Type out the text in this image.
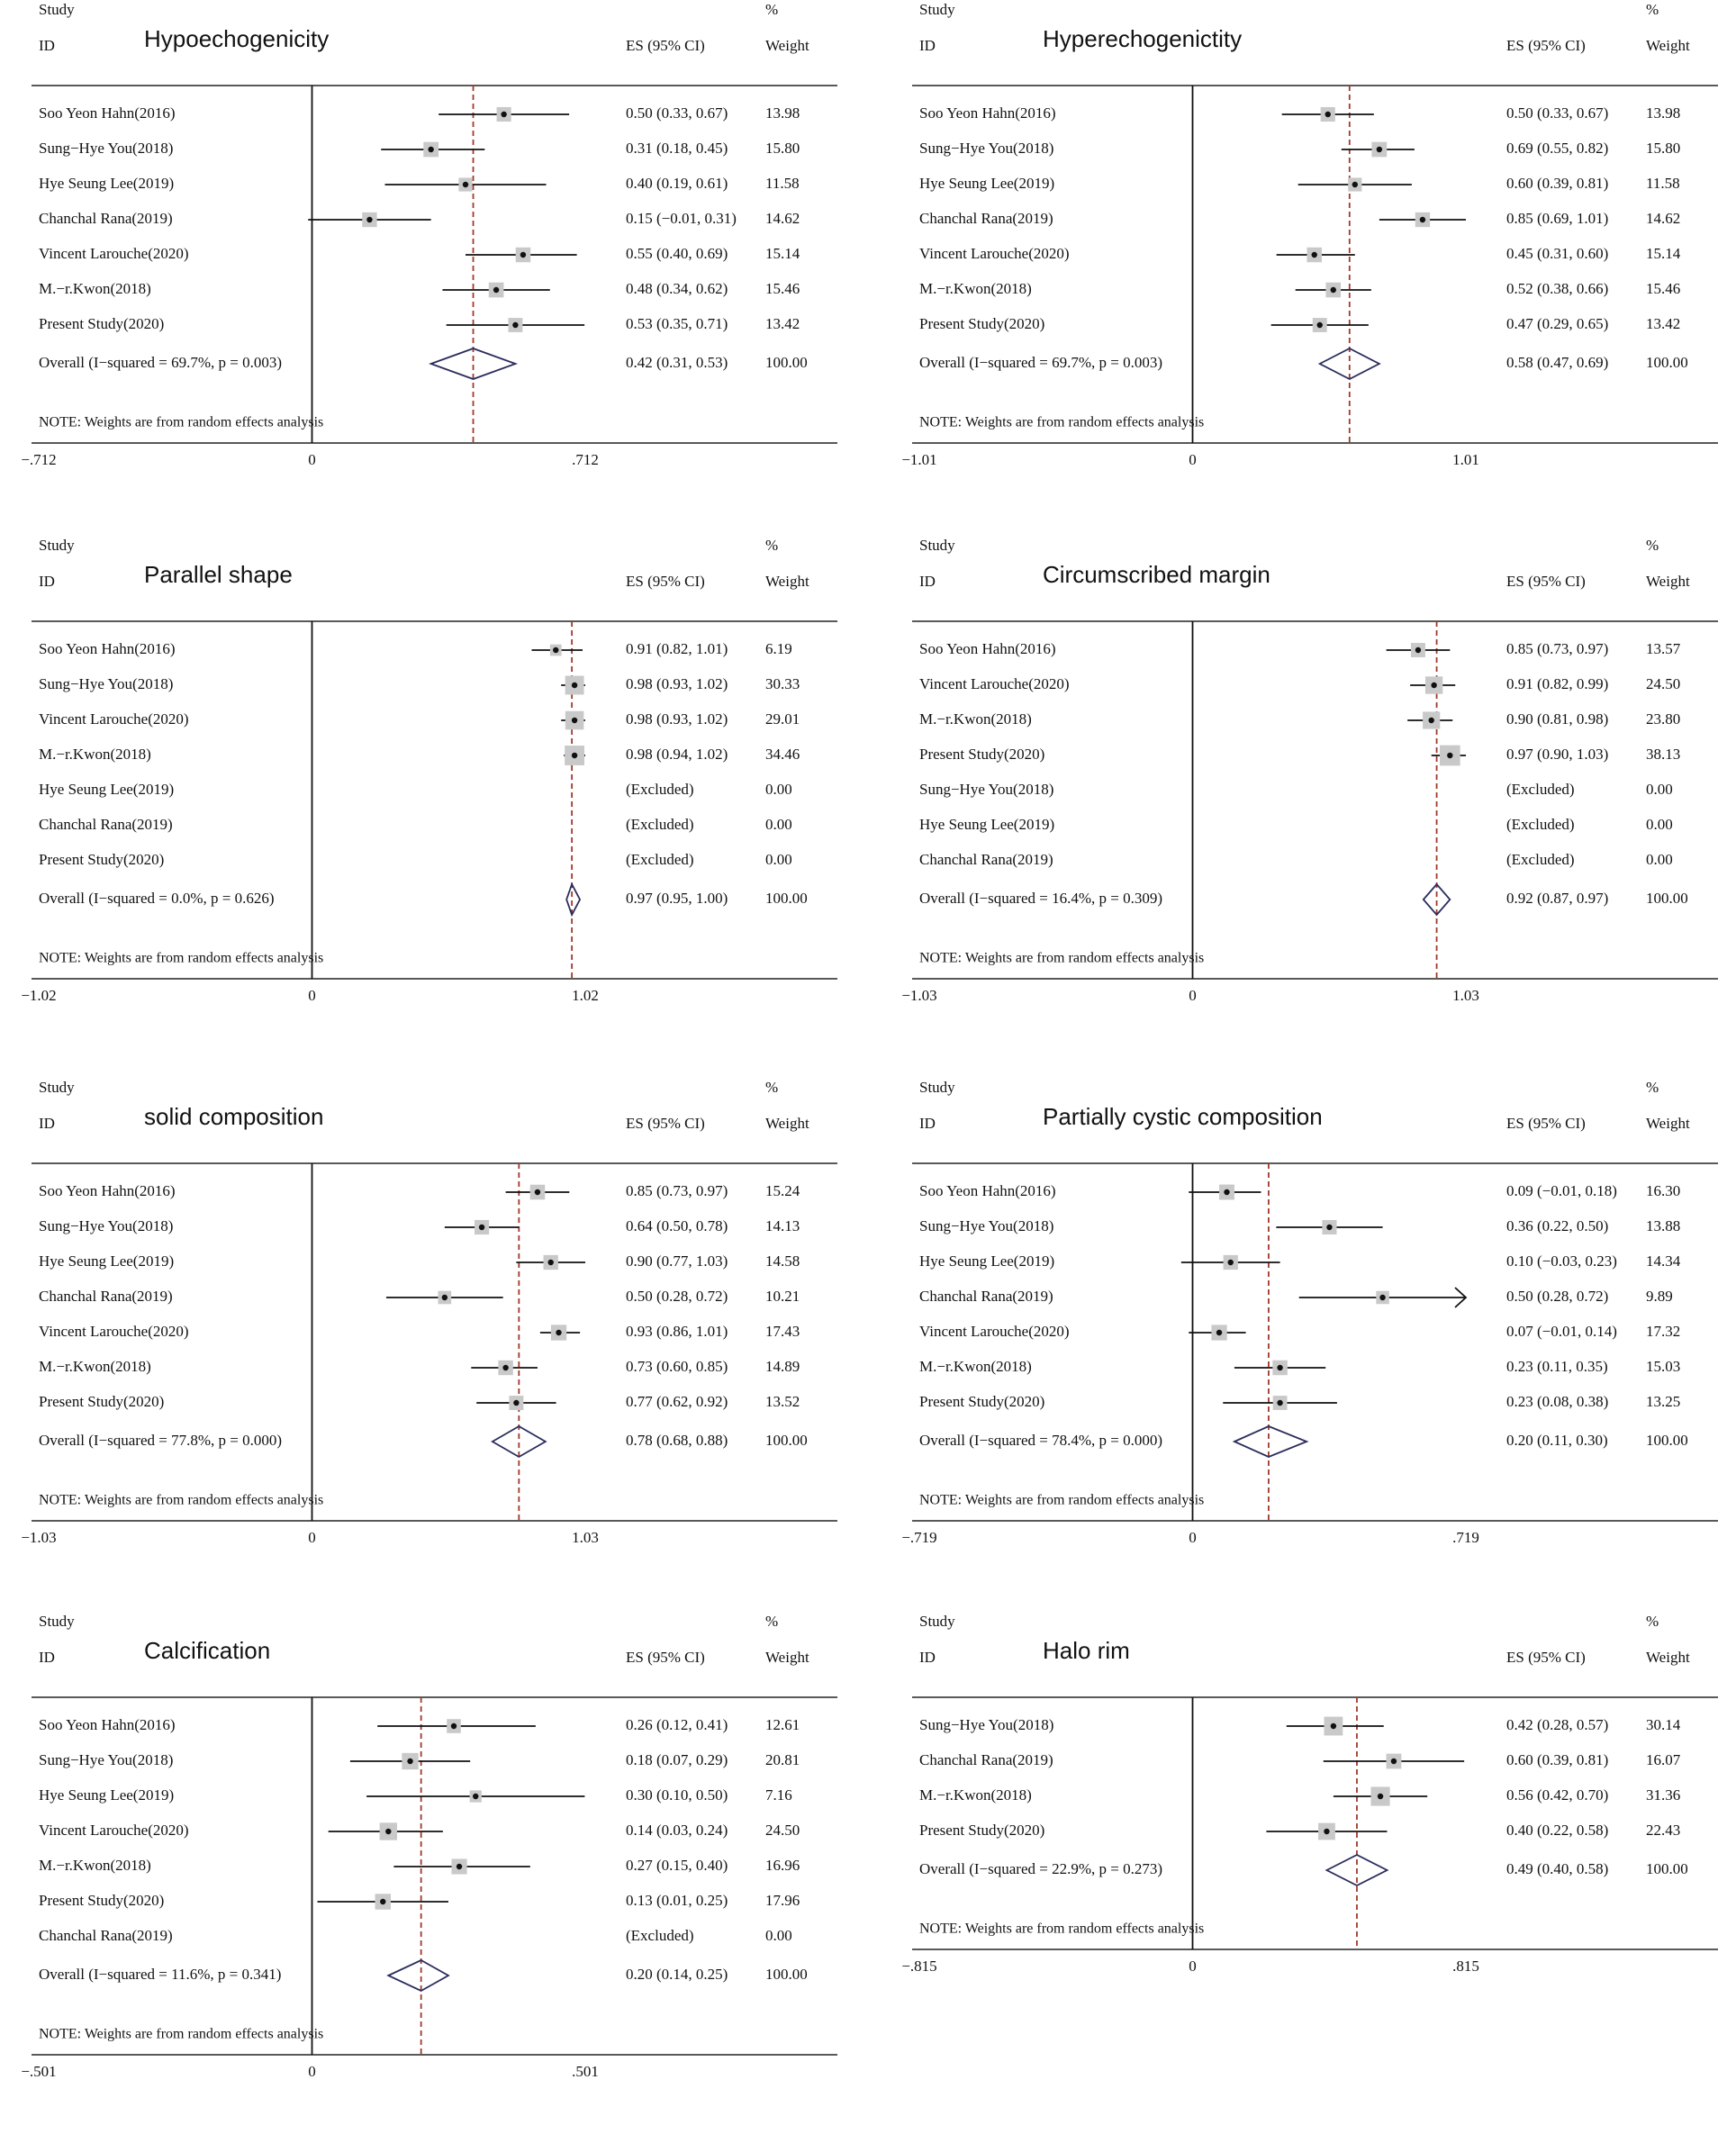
Study
ID	ES (95% CI)
%
Weight
Hypoechogenicity
−.712	0	.712
Soo Yeon Hahn(2016)	0.50 (0.33, 0.67) 13.98
Sung−Hye You(2018)	0.31 (0.18, 0.45) 15.80
Hye Seung Lee(2019)	0.40 (0.19, 0.61) 11.58
Chanchal Rana(2019)	0.15 (−0.01, 0.31) 14.62
Vincent Larouche(2020)	0.55 (0.40, 0.69) 15.14
M.−r.Kwon(2018)	0.48 (0.34, 0.62) 15.46
Present Study(2020)	0.53 (0.35, 0.71) 13.42
Overall (I−squared = 69.7%, p = 0.003)	0.42 (0.31, 0.53) 100.00
NOTE: Weights are from random effects analysis
Study
ID	ES (95% CI)
%
Weight
Hyperechogenictity
−1.01	0	1.01
Soo Yeon Hahn(2016)	0.50 (0.33, 0.67) 13.98
Sung−Hye You(2018)	0.69 (0.55, 0.82) 15.80
Hye Seung Lee(2019)	0.60 (0.39, 0.81) 11.58
Chanchal Rana(2019)	0.85 (0.69, 1.01) 14.62
Vincent Larouche(2020)	0.45 (0.31, 0.60) 15.14
M.−r.Kwon(2018)	0.52 (0.38, 0.66) 15.46
Present Study(2020)	0.47 (0.29, 0.65) 13.42
Overall (I−squared = 69.7%, p = 0.003)	0.58 (0.47, 0.69) 100.00
NOTE: Weights are from random effects analysis
Study
ID	ES (95% CI)
%
Weight
Parallel shape
−1.02	0	1.02
Soo Yeon Hahn(2016)	0.91 (0.82, 1.01) 6.19
Sung−Hye You(2018)	0.98 (0.93, 1.02) 30.33
Vincent Larouche(2020)	0.98 (0.93, 1.02) 29.01
M.−r.Kwon(2018)	0.98 (0.94, 1.02) 34.46
Hye Seung Lee(2019)	(Excluded)	0.00
Chanchal Rana(2019)	(Excluded)	0.00
Present Study(2020)	(Excluded)	0.00
Overall (I−squared = 0.0%, p = 0.626)	0.97 (0.95, 1.00) 100.00
NOTE: Weights are from random effects analysis
Study
ID	ES (95% CI)
%
Weight
Circumscribed margin
−1.03	0	1.03
Soo Yeon Hahn(2016)	0.85 (0.73, 0.97) 13.57
Vincent Larouche(2020)	0.91 (0.82, 0.99) 24.50
M.−r.Kwon(2018)	0.90 (0.81, 0.98) 23.80
Present Study(2020)	0.97 (0.90, 1.03) 38.13
Sung−Hye You(2018)	(Excluded)	0.00
Hye Seung Lee(2019)	(Excluded)	0.00
Chanchal Rana(2019)	(Excluded)	0.00
Overall (I−squared = 16.4%, p = 0.309)	0.92 (0.87, 0.97) 100.00
NOTE: Weights are from random effects analysis
Study
ID	ES (95% CI)
%
Weight
solid composition
−1.03	0	1.03
Soo Yeon Hahn(2016)	0.85 (0.73, 0.97) 15.24
Sung−Hye You(2018)	0.64 (0.50, 0.78) 14.13
Hye Seung Lee(2019)	0.90 (0.77, 1.03) 14.58
Chanchal Rana(2019)	0.50 (0.28, 0.72) 10.21
Vincent Larouche(2020)	0.93 (0.86, 1.01) 17.43
M.−r.Kwon(2018)	0.73 (0.60, 0.85) 14.89
Present Study(2020)	0.77 (0.62, 0.92) 13.52
Overall (I−squared = 77.8%, p = 0.000)	0.78 (0.68, 0.88) 100.00
NOTE: Weights are from random effects analysis
Study
ID	ES (95% CI)
%
Weight
Partially cystic composition
−.719	0	.719
Soo Yeon Hahn(2016)	0.09 (−0.01, 0.18) 16.30
Sung−Hye You(2018)	0.36 (0.22, 0.50) 13.88
Hye Seung Lee(2019)	0.10 (−0.03, 0.23) 14.34
Chanchal Rana(2019)	0.50 (0.28, 0.72) 9.89
Vincent Larouche(2020)	0.07 (−0.01, 0.14) 17.32
M.−r.Kwon(2018)	0.23 (0.11, 0.35) 15.03
Present Study(2020)	0.23 (0.08, 0.38) 13.25
Overall (I−squared = 78.4%, p = 0.000)	0.20 (0.11, 0.30) 100.00
NOTE: Weights are from random effects analysis
Study
ID	ES (95% CI)
%
Weight
Calcification
−.501	0	.501
Soo Yeon Hahn(2016)	0.26 (0.12, 0.41) 12.61
Sung−Hye You(2018)	0.18 (0.07, 0.29) 20.81
Hye Seung Lee(2019)	0.30 (0.10, 0.50) 7.16
Vincent Larouche(2020)	0.14 (0.03, 0.24) 24.50
M.−r.Kwon(2018)	0.27 (0.15, 0.40) 16.96
Present Study(2020)	0.13 (0.01, 0.25) 17.96
Chanchal Rana(2019)	(Excluded)	0.00
Overall (I−squared = 11.6%, p = 0.341)	0.20 (0.14, 0.25) 100.00
NOTE: Weights are from random effects analysis
Study
ID	ES (95% CI)
%
Weight
Halo rim
−.815	0	.815
Sung−Hye You(2018)	0.42 (0.28, 0.57) 30.14
Chanchal Rana(2019)	0.60 (0.39, 0.81) 16.07
M.−r.Kwon(2018)	0.56 (0.42, 0.70) 31.36
Present Study(2020)	0.40 (0.22, 0.58) 22.43
Overall (I−squared = 22.9%, p = 0.273)	0.49 (0.40, 0.58) 100.00
NOTE: Weights are from random effects analysis
